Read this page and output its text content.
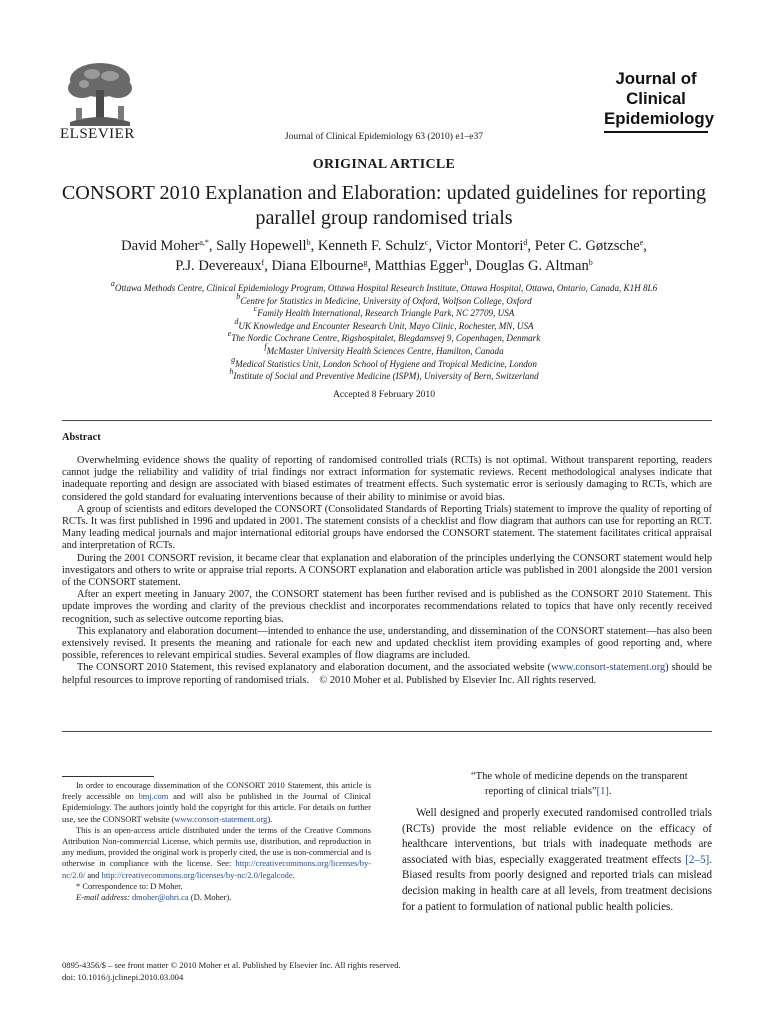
ELSEVIER	Journal of Clinical Epidemiology 63 (2010) e1–e37
Journal of Clinical Epidemiology
ORIGINAL ARTICLE
CONSORT 2010 Explanation and Elaboration: updated guidelines for reporting parallel group randomised trials
David Moher$^{a,*}$, Sally Hopewell$^b$, Kenneth F. Schulz$^c$, Victor Montori$^d$, Peter C. Gøtzsche$^e$,
P.J. Devereaux$^f$, Diana Elbourne$^g$, Matthias Egger$^h$, Douglas G. Altman$^b$
$^a$Ottawa Methods Centre, Clinical Epidemiology Program, Ottawa Hospital Research Institute, Ottawa Hospital, Ottawa, Ontario, Canada, K1H 8L6
$^b$Centre for Statistics in Medicine, University of Oxford, Wolfson College, Oxford
$^c$Family Health International, Research Triangle Park, NC 27709, USA
$^d$UK Knowledge and Encounter Research Unit, Mayo Clinic, Rochester, MN, USA
$^e$The Nordic Cochrane Centre, Rigshospitalet, Blegdamsvej 9, Copenhagen, Denmark
$^f$McMaster University Health Sciences Centre, Hamilton, Canada
$^g$Medical Statistics Unit, London School of Hygiene and Tropical Medicine, London
$^h$Institute of Social and Preventive Medicine (ISPM), University of Bern, Switzerland
Accepted 8 February 2010
Abstract

Overwhelming evidence shows the quality of reporting of randomised controlled trials (RCTs) is not optimal. Without transparent reporting, readers cannot judge the reliability and validity of trial findings nor extract information for systematic reviews. Recent methodological analyses indicate that inadequate reporting and design are associated with biased estimates of treatment effects. Such systematic error is seriously damaging to RCTs, which are considered the gold standard for evaluating interventions because of their ability to minimise or avoid bias.

A group of scientists and editors developed the CONSORT (Consolidated Standards of Reporting Trials) statement to improve the quality of reporting of RCTs. It was first published in 1996 and updated in 2001. The statement consists of a checklist and flow diagram that authors can use for reporting an RCT. Many leading medical journals and major international editorial groups have endorsed the CONSORT statement. The statement facilitates critical appraisal and interpretation of RCTs.

During the 2001 CONSORT revision, it became clear that explanation and elaboration of the principles underlying the CONSORT statement would help investigators and others to write or appraise trial reports. A CONSORT explanation and elaboration article was published in 2001 alongside the 2001 version of the CONSORT statement.

After an expert meeting in January 2007, the CONSORT statement has been further revised and is published as the CONSORT 2010 Statement. This update improves the wording and clarity of the previous checklist and incorporates recommendations related to topics that have only recently received recognition, such as selective outcome reporting bias.

This explanatory and elaboration document—intended to enhance the use, understanding, and dissemination of the CONSORT statement—has also been extensively revised. It presents the meaning and rationale for each new and updated checklist item providing examples of good reporting and, where possible, references to relevant empirical studies. Several examples of flow diagrams are included.

The CONSORT 2010 Statement, this revised explanatory and elaboration document, and the associated website (www.consort-statement.org) should be helpful resources to improve reporting of randomised trials. © 2010 Moher et al. Published by Elsevier Inc. All rights reserved.

In order to encourage dissemination of the CONSORT 2010 Statement, this article is freely accessible on bmj.com and will also be published in the Journal of Clinical Epidemiology. The authors jointly hold the copyright for this article. For details on further use, see the CONSORT website (www.consort-statement.org).

This is an open-access article distributed under the terms of the Creative Commons Attribution Non-commercial License, which permits use, distribution, and reproduction in any medium, provided the original work is properly cited, the use is non-commercial and is otherwise in compliance with the license. See: http://creativecommons.org/licenses/by-nc/2.0/ and http://creativecommons.org/licenses/by-nc/2.0/legalcode.

* Correspondence to: D Moher.

E-mail address: dmoher@ohri.ca (D. Moher).

“The whole of medicine depends on the transparent
reporting of clinical trials”[1].

Well designed and properly executed randomised controlled trials (RCTs) provide the most reliable evidence on the efficacy of healthcare interventions, but trials with inadequate methods are associated with bias, especially exaggerated treatment effects [2–5]. Biased results from poorly designed and reported trials can mislead decision making in health care at all levels, from treatment decisions for a patient to formulation of national public health policies.

0895-4356/$ – see front matter © 2010 Moher et al. Published by Elsevier Inc. All rights reserved.
doi: 10.1016/j.jclinepi.2010.03.004
